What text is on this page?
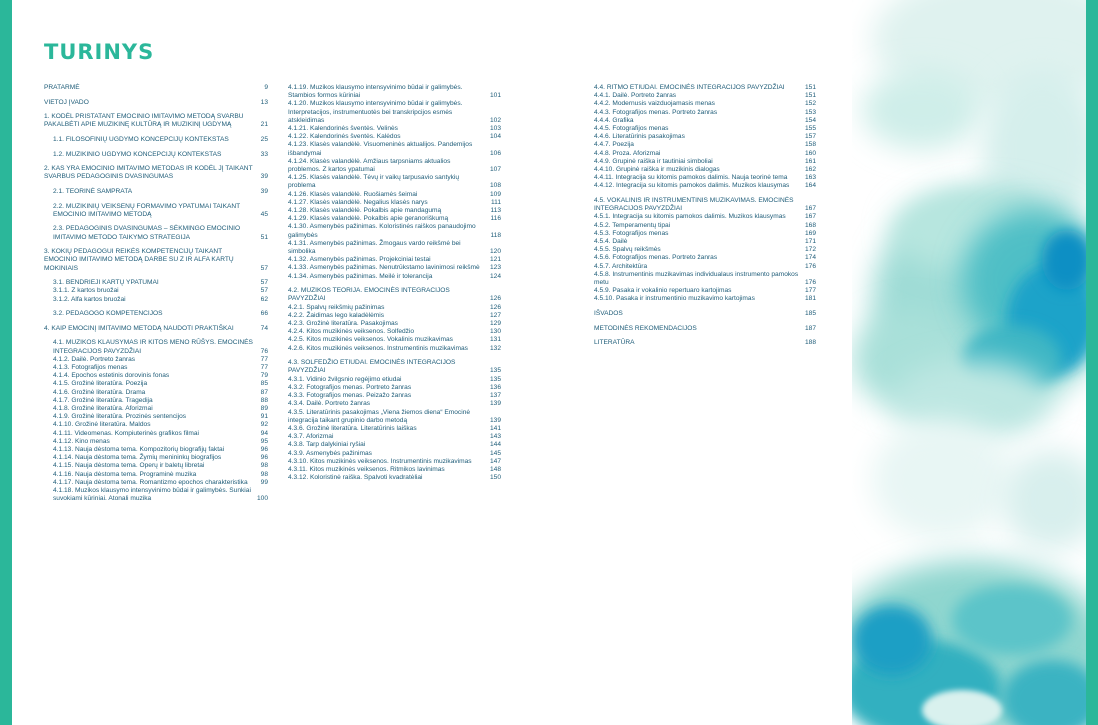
TURINYS
PRATARMĖ	9
VIETOJ ĮVADO	13
1. KODĖL PRISTATANT EMOCINIO IMITAVIMO METODĄ SVARBU PAKALBĖTI APIE MUZIKINĘ KULTŪRĄ IR MUZIKINĮ UGDYMĄ	21
1.1. FILOSOFINIŲ UGDYMO KONCEPCIJŲ KONTEKSTAS	25
1.2. MUZIKINIO UGDYMO KONCEPCIJŲ KONTEKSTAS	33
2. KAS YRA EMOCINIO IMITAVIMO METODAS IR KODĖL JĮ TAIKANT SVARBUS PEDAGOGINIS DVASINGUMAS	39
2.1. TEORINĖ SAMPRATA	39
2.2. MUZIKINIŲ VEIKSENŲ FORMAVIMO YPATUMAI TAIKANT EMOCINIO IMITAVIMO METODĄ	45
2.3. PEDAGOGINIS DVASINGUMAS – SĖKMINGO EMOCINIO IMITAVIMO METODO TAIKYMO STRATEGIJA	51
3. KOKIŲ PEDAGOGUI REIKĖS KOMPETENCIJŲ TAIKANT EMOCINIO IMITAVIMO METODĄ DARBE SU Z IR ALFA KARTŲ MOKINIAIS	57
3.1. BENDRIEJI KARTŲ YPATUMAI	57
3.1.1. Z kartos bruožai	57
3.1.2. Alfa kartos bruožai	62
3.2. PEDAGOGO KOMPETENCIJOS	66
4. KAIP EMOCINĮ IMITAVIMO METODĄ NAUDOTI PRAKTIŠKAI	74
4.1. MUZIKOS KLAUSYMAS IR KITOS MENO RŪŠYS. EMOCINĖS INTEGRACIJOS PAVYZDŽIAI	76
4.1.2. Dailė. Portreto žanras	77
4.1.3. Fotografijos menas	77
4.1.4. Epochos estetinis dorovinis fonas	79
4.1.5. Grožinė literatūra. Poezija	85
4.1.6. Grožinė literatūra. Drama	87
4.1.7. Grožinė literatūra. Tragedija	88
4.1.8. Grožinė literatūra. Aforizmai	89
4.1.9. Grožinė literatūra. Prozinės sentencijos	91
4.1.10. Grožinė literatūra. Maldos	92
4.1.11. Videomenas. Kompiuterinės grafikos filmai	94
4.1.12. Kino menas	95
4.1.13. Nauja dėstoma tema. Kompozitorių biografijų faktai	96
4.1.14. Nauja dėstoma tema. Žymių menininkų biografijos	96
4.1.15. Nauja dėstoma tema. Operų ir baletų libretai	98
4.1.16. Nauja dėstoma tema. Programinė muzika	98
4.1.17. Nauja dėstoma tema. Romantizmo epochos charakteristika	99
4.1.18. Muzikos klausymo intensyvinimo būdai ir galimybės. Sunkiai suvokiami kūriniai. Atonali muzika	100
4.1.19. Muzikos klausymo intensyvinimo būdai ir galimybės. Stambios formos kūriniai	101
4.1.20. Muzikos klausymo intensyvinimo būdai ir galimybės. Interpretacijos, instrumentuotės bei transkripcijos esmės atskleidimas	102
4.1.21. Kalendorinės šventės. Velinės	103
4.1.22. Kalendorinės šventės. Kalėdos	104
4.1.23. Klasės valandėlė. Visuomeninės aktualijos. Pandemijos išbandymai	106
4.1.24. Klasės valandėlė. Amžiaus tarpsniams aktualios problemos. Z kartos ypatumai	107
4.1.25. Klasės valandėlė. Tėvų ir vaikų tarpusavio santykių problema	108
4.1.26. Klasės valandėlė. Ruošiamės šeimai	109
4.1.27. Klasės valandėlė. Negalius klasės narys	111
4.1.28. Klasės valandėlė. Pokalbis apie mandagumą	113
4.1.29. Klasės valandėlė. Pokalbis apie geranoriškumą	116
4.1.30. Asmenybės pažinimas. Koloristinės raiškos panaudojimo galimybės	118
4.1.31. Asmenybės pažinimas. Žmogaus vardo reikšmė bei simbolika	120
4.1.32. Asmenybės pažinimas. Projekciniai testai	121
4.1.33. Asmenybės pažinimas. Nenutrūkstamo lavinimosi reikšmė	123
4.1.34. Asmenybės pažinimas. Meilė ir tolerancija	124
4.2. MUZIKOS TEORIJA. EMOCINĖS INTEGRACIJOS PAVYZDŽIAI	126
4.2.1. Spalvų reikšmių pažinimas	126
4.2.2. Žaidimas lego kaladėlėmis	127
4.2.3. Grožinė literatūra. Pasakojimas	129
4.2.4. Kitos muzikinės veiksenos. Solfedžio	130
4.2.5. Kitos muzikinės veiksenos. Vokalinis muzikavimas	131
4.2.6. Kitos muzikinės veiksenos. Instrumentinis muzikavimas	132
4.3. SOLFEDŽIO ETIUDAI. EMOCINĖS INTEGRACIJOS PAVYZDŽIAI	135
4.3.1. Vidinio žvilgsnio regėjimo etiudai	135
4.3.2. Fotografijos menas. Portreto žanras	136
4.3.3. Fotografijos menas. Peizažo žanras	137
4.3.4. Dailė. Portreto žanras	139
4.3.5. Literatūrinis pasakojimas „Viena žiemos diena“ Emocinė integracija taikant grupinio darbo metodą	139
4.3.6. Grožinė literatūra. Literatūrinis laiškas	141
4.3.7. Aforizmai	143
4.3.8. Tarp dalykiniai ryšiai	144
4.3.9. Asmenybės pažinimas	145
4.3.10. Kitos muzikinės veiksenos. Instrumentinis muzikavimas	147
4.3.11. Kitos muzikinės veiksenos. Ritmikos lavinimas	148
4.3.12. Koloristinė raiška. Spalvoti kvadratėliai	150
4.4. RITMO ETIUDAI. EMOCINĖS INTEGRACIJOS PAVYZDŽIAI	151
4.4.1. Dailė. Portreto žanras	151
4.4.2. Modernusis vaizduojamasis menas	152
4.4.3. Fotografijos menas. Portreto žanras	153
4.4.4. Grafika	154
4.4.5. Fotografijos menas	155
4.4.6. Literatūrinis pasakojimas	157
4.4.7. Poezija	158
4.4.8. Proza. Aforizmai	160
4.4.9. Grupinė raiška ir tautiniai simboliai	161
4.4.10. Grupinė raiška ir muzikinis dialogas	162
4.4.11. Integracija su kitomis pamokos dalimis. Nauja teorinė tema	163
4.4.12. Integracija su kitomis pamokos dalimis. Muzikos klausymas	164
4.5. VOKALINIS IR INSTRUMENTINIS MUZIKAVIMAS. EMOCINĖS INTEGRACIJOS PAVYZDŽIAI	167
4.5.1. Integracija su kitomis pamokos dalimis. Muzikos klausymas	167
4.5.2. Temperamentų tipai	168
4.5.3. Fotografijos menas	169
4.5.4. Dailė	171
4.5.5. Spalvų reikšmės	172
4.5.6. Fotografijos menas. Portreto žanras	174
4.5.7. Architektūra	176
4.5.8. Instrumentinis muzikavimas individualaus instrumento pamokos metu	176
4.5.9. Pasaka ir vokalinio repertuaro kartojimas	177
4.5.10. Pasaka ir instrumentinio muzikavimo kartojimas	181
IŠVADOS	185
METODINĖS REKOMENDACIJOS	187
LITERATŪRA	188
